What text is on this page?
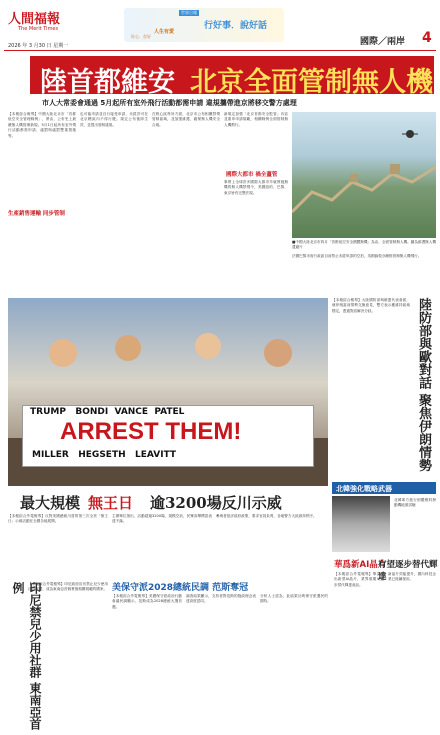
人間福報
The Merit Times
2026 年 3 月30 日 星期一
世界日報
行好事．說好話
好心．存好
人生有愛
國際／兩岸 4
陸首都維安 北京全面管制無人機
市人大常委會通過 5月起所有室外飛行活動都需申請 違規攜帶進京將移交警方處理
【本報綜合報導】中國大陸北京市「首都低空安全管理條例」，將由，公布史上最嚴無人機管理新規。5月1日起所有室外飛行活動都需申請，處罰與處罰雙重措施等。
生產銷售運輸 同步管制
也可能申請並自行接受申請，未經許可在北京轄區內不得行駛。規定公布後即生效，並提出管制違規。
在核心區每所方面，北京市公布相關禁飛管制區域，並加強維護，確保無人機安全合規。
新規定加強「北京首都安全監管」內容並重申申請規範，相關條例全面管制無人機飛行。
國際大都市 禍全薑管
事實上全球許多國際大都市早就實施無機的無人機禁飛令，美國紐約、巴黎、東京皆有完整法規。
■中國大陸北京市四月「首都低空安全國體無機」為由，全面管制無人機。圖為維護無人機遺錢片
法國巴黎市府行政區目前禁止未經申請的空拍，英國倫敦亦嚴格管制無人機飛行。
陸防部與歐對話 聚焦伊朗情勢
【本報綜合報導】大陸國防部與歐盟代表會面，就伊朗當前情勢交換意見，雙方表示應維持區域穩定，透過對話解決分歧。
TRUMP   BONDI  VANCE  PATEL
ARREST THEM!
MILLER   HEGSETH   LEAVITT
最大規模 無王日 逾3200場反川示威
【本報綜合外電報導】反對美國總統川普的第三次全美「無王日」示威活動在全國各地展開。
主辦單位指出，活動超過3200場，規模空前，民眾高舉標語表達不滿。
參與者批評政府政策，要求官員負責，各地警方大致維持秩序。
美保守派2028總統民調 范斯奪冠
【本報綜合外電報導】美國保守派政治行動會議民調顯示，范斯成為2028總統大選首選。
調查結果顯示，支持者對范斯的施政理念表達高度認同。
分析人士認為，此結果反映保守派選民的期待。
印尼禁兒少用社群 東南亞首例 【本報綜合外電報導】印尼政府宣布禁止兒少使用社群媒體，成為東南亞首個實施相關規範的國家。
北韓強化戰略武器
北韓軍方進行固體燃料發動機地面試驗
華爲新AI晶片
有望逐步替代輝達
【本報綜合外電報導】華為推出新型AI晶片，業界預期可逐步替代輝達產品。
新晶片效能提升，國內科技企業已陸續採用。
